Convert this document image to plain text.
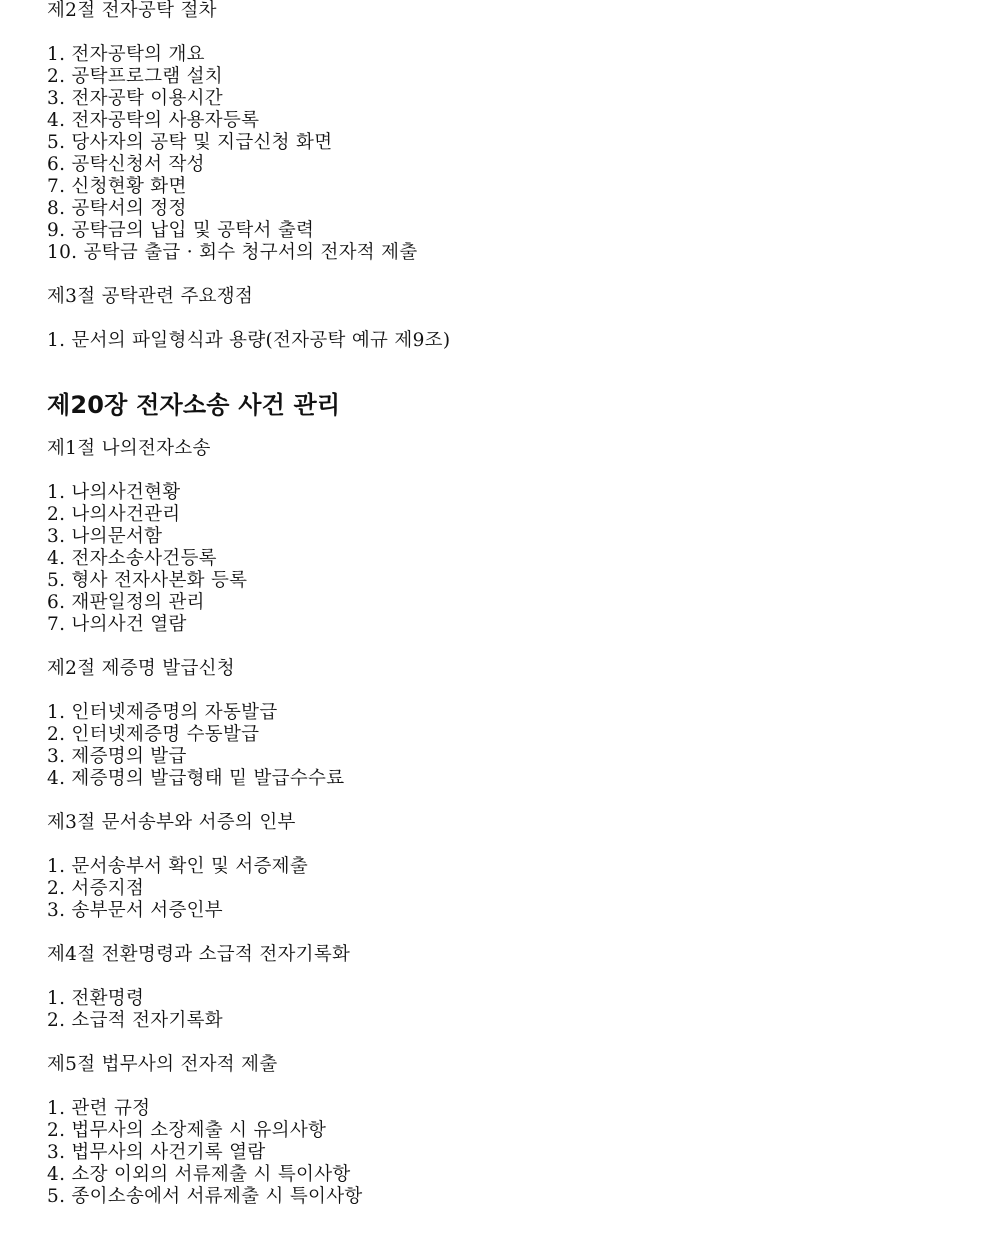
제2절 전자공탁 절차
1. 전자공탁의 개요
2. 공탁프로그램 설치
3. 전자공탁 이용시간
4. 전자공탁의 사용자등록
5. 당사자의 공탁 및 지급신청 화면
6. 공탁신청서 작성
7. 신청현황 화면
8. 공탁서의 정정
9. 공탁금의 납입 및 공탁서 출력
10. 공탁금 출급 · 회수 청구서의 전자적 제출
제3절 공탁관련 주요쟁점
1. 문서의 파일형식과 용량(전자공탁 예규 제9조)
제20장 전자소송 사건 관리
제1절 나의전자소송
1. 나의사건현황
2. 나의사건관리
3. 나의문서함
4. 전자소송사건등록
5. 형사 전자사본화 등록
6. 재판일정의 관리
7. 나의사건 열람
제2절 제증명 발급신청
1. 인터넷제증명의 자동발급
2. 인터넷제증명 수동발급
3. 제증명의 발급
4. 제증명의 발급형태 밑 발급수수료
제3절 문서송부와 서증의 인부
1. 문서송부서 확인 및 서증제출
2. 서증지점
3. 송부문서 서증인부
제4절 전환명령과 소급적 전자기록화
1. 전환명령
2. 소급적 전자기록화
제5절 법무사의 전자적 제출
1. 관련 규정
2. 법무사의 소장제출 시 유의사항
3. 법무사의 사건기록 열람
4. 소장 이외의 서류제출 시 특이사항
5. 종이소송에서 서류제출 시 특이사항
